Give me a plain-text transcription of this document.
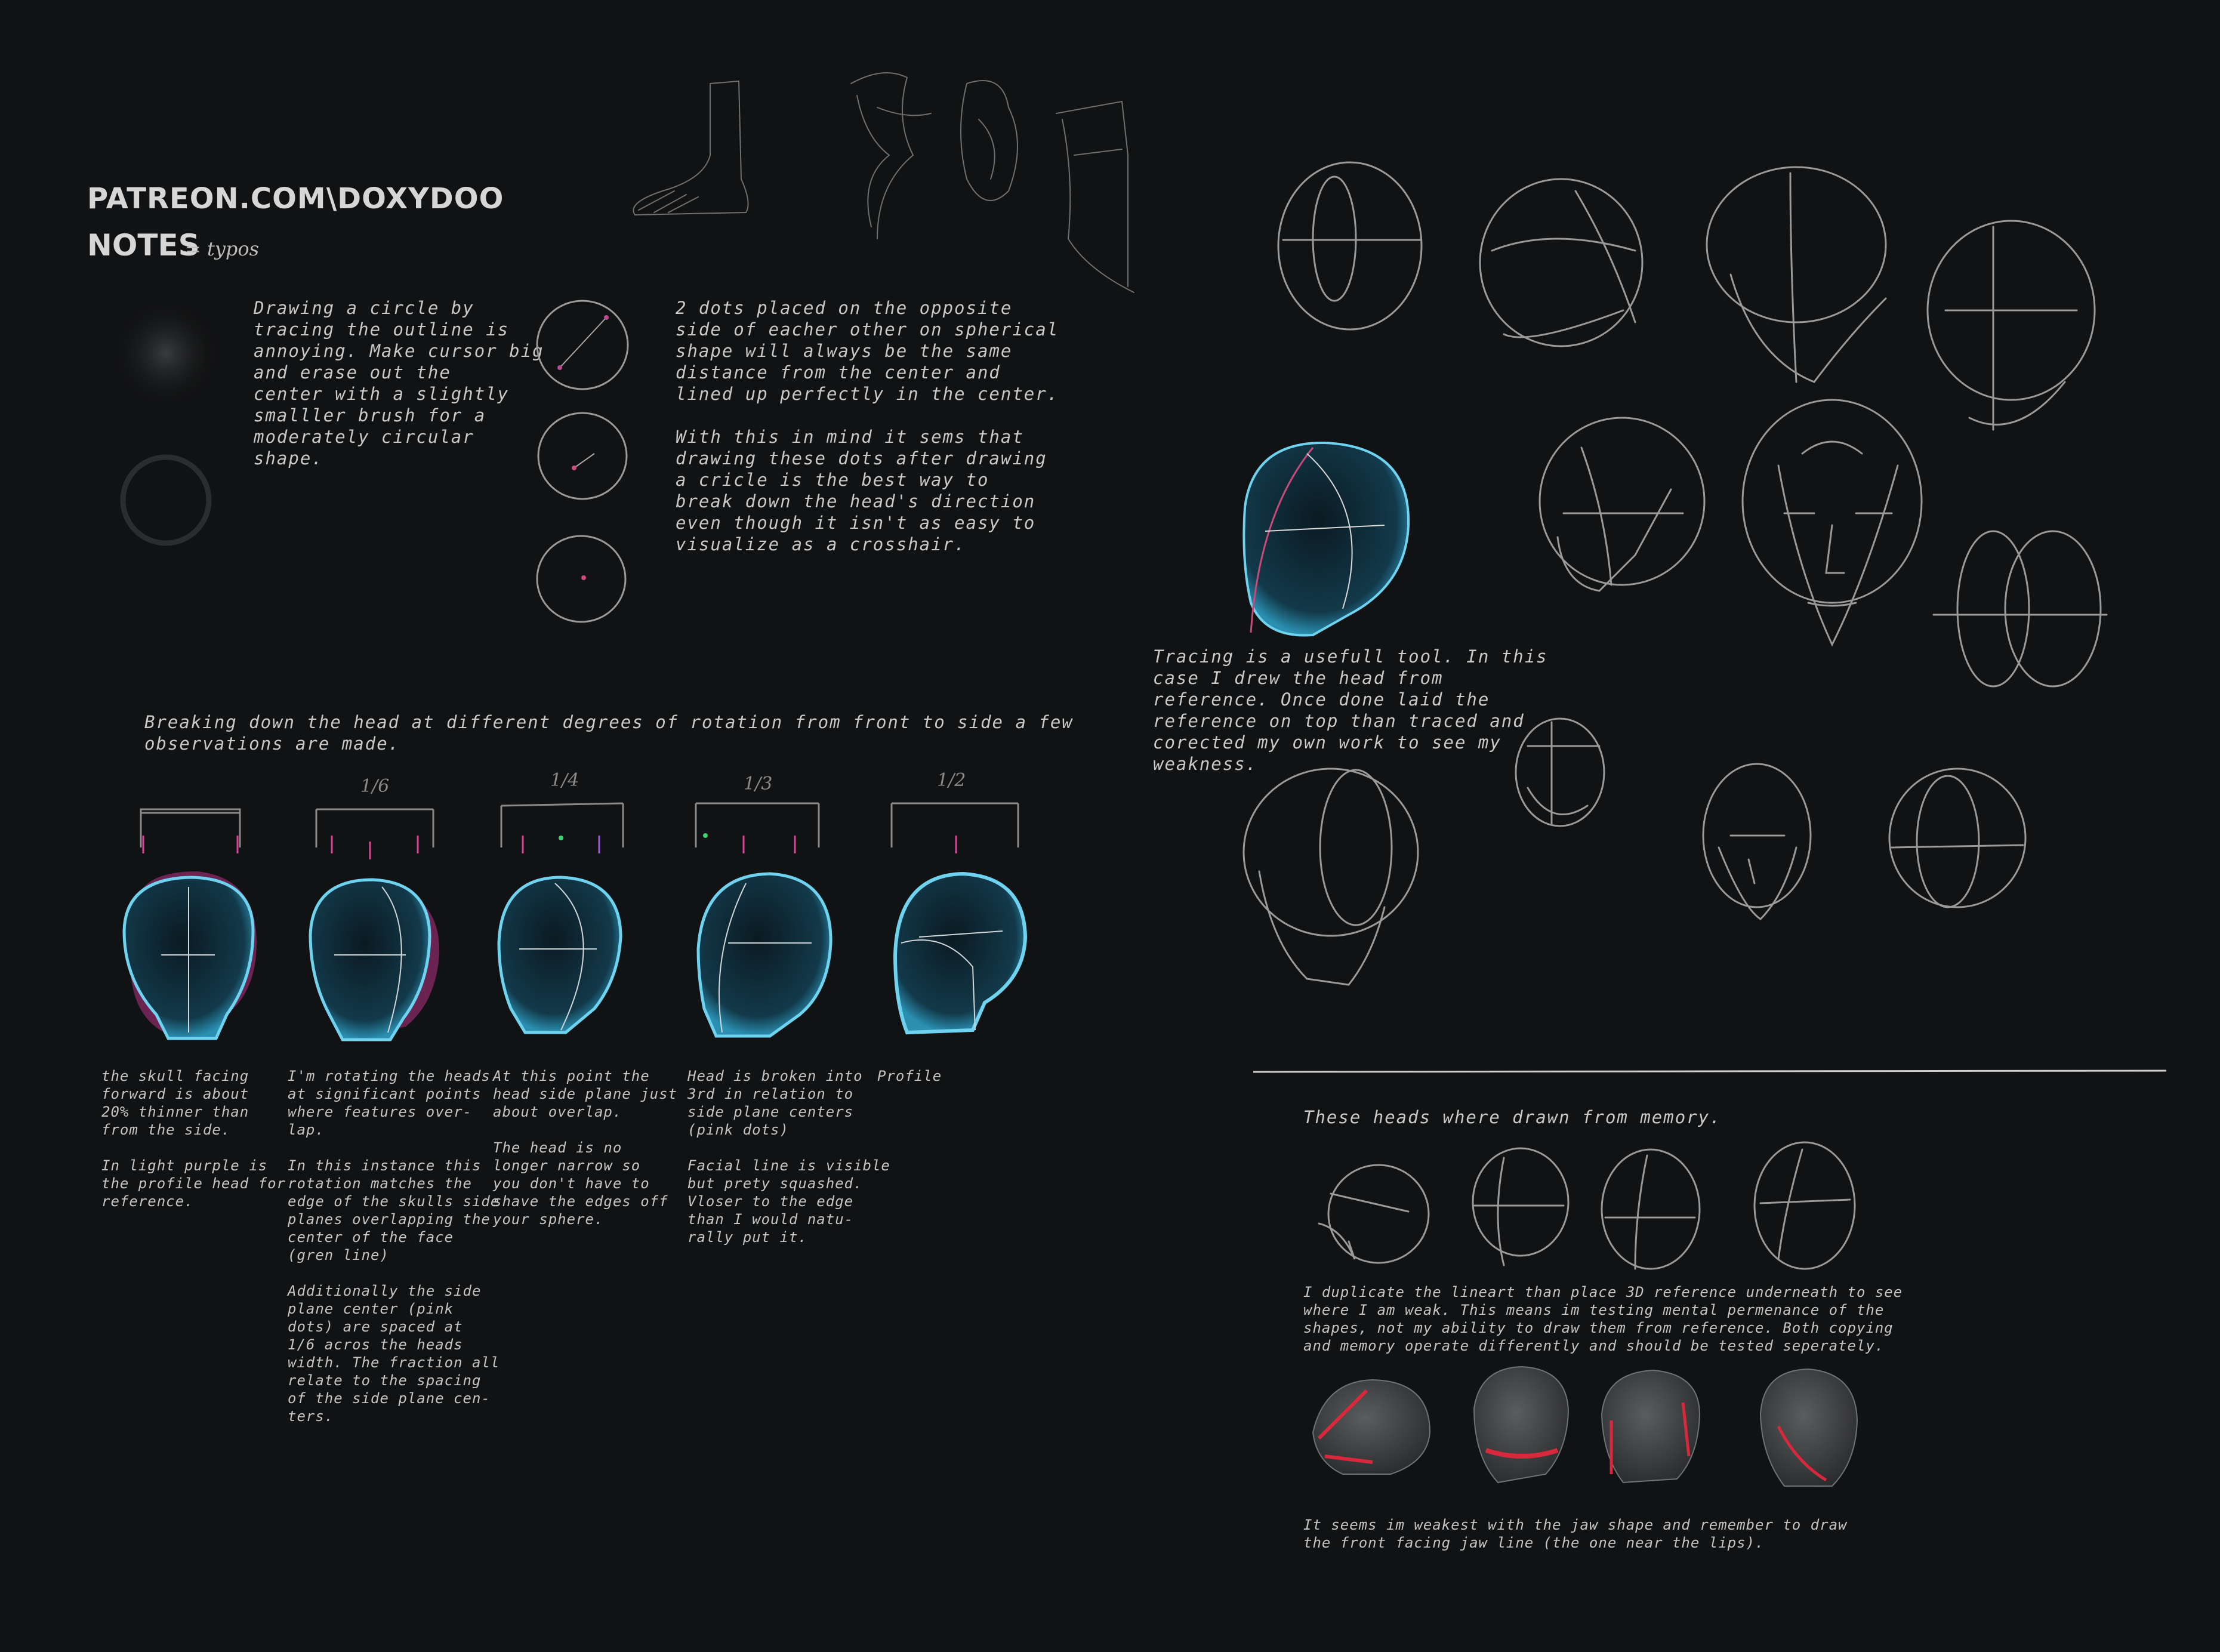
PATREON.COM\DOXYDOO
NOTES
= typos
Drawing a circle by
tracing the outline is
annoying. Make cursor big
and erase out the
center with a slightly
smalller brush for a
moderately circular
shape.
2 dots placed on the opposite
side of eacher other on spherical
shape will always be the same
distance from the center and
lined up perfectly in the center.
With this in mind it sems that
drawing these dots after drawing
a cricle is the best way to
break down the head's direction
even though it isn't as easy to
visualize as a crosshair.
Breaking down the head at different degrees of rotation from front to side a few
observations are made.
1/6	1/4	1/3	1/2
the skull facing
forward is about
20% thinner than
from the side.

In light purple is
the profile head for
reference.
I'm rotating the heads
at significant points
where features over-
lap.

In this instance this
rotation matches the
edge of the skulls side
planes overlapping the
center of the face
(gren line)

Additionally the side
plane center (pink
dots) are spaced at
1/6 acros the heads
width. The fraction all
relate to the spacing
of the side plane cen-
ters.
At this point the
head side plane just
about overlap.

The head is no
longer narrow so
you don't have to
shave the edges off
your sphere.
Head is broken into
3rd in relation to
side plane centers
(pink dots)

Facial line is visible
but prety squashed.
Vloser to the edge
than I would natu-
rally put it.
Profile
Tracing is a usefull tool. In this
case I drew the head from
reference. Once done laid the
reference on top than traced and
corected my own work to see my
weakness.
These heads where drawn from memory.
I duplicate the lineart than place 3D reference underneath to see
where I am weak. This means im testing mental permenance of the
shapes, not my ability to draw them from reference. Both copying
and memory operate differently and should be tested seperately.
It seems im weakest with the jaw shape and remember to draw
the front facing jaw line (the one near the lips).
